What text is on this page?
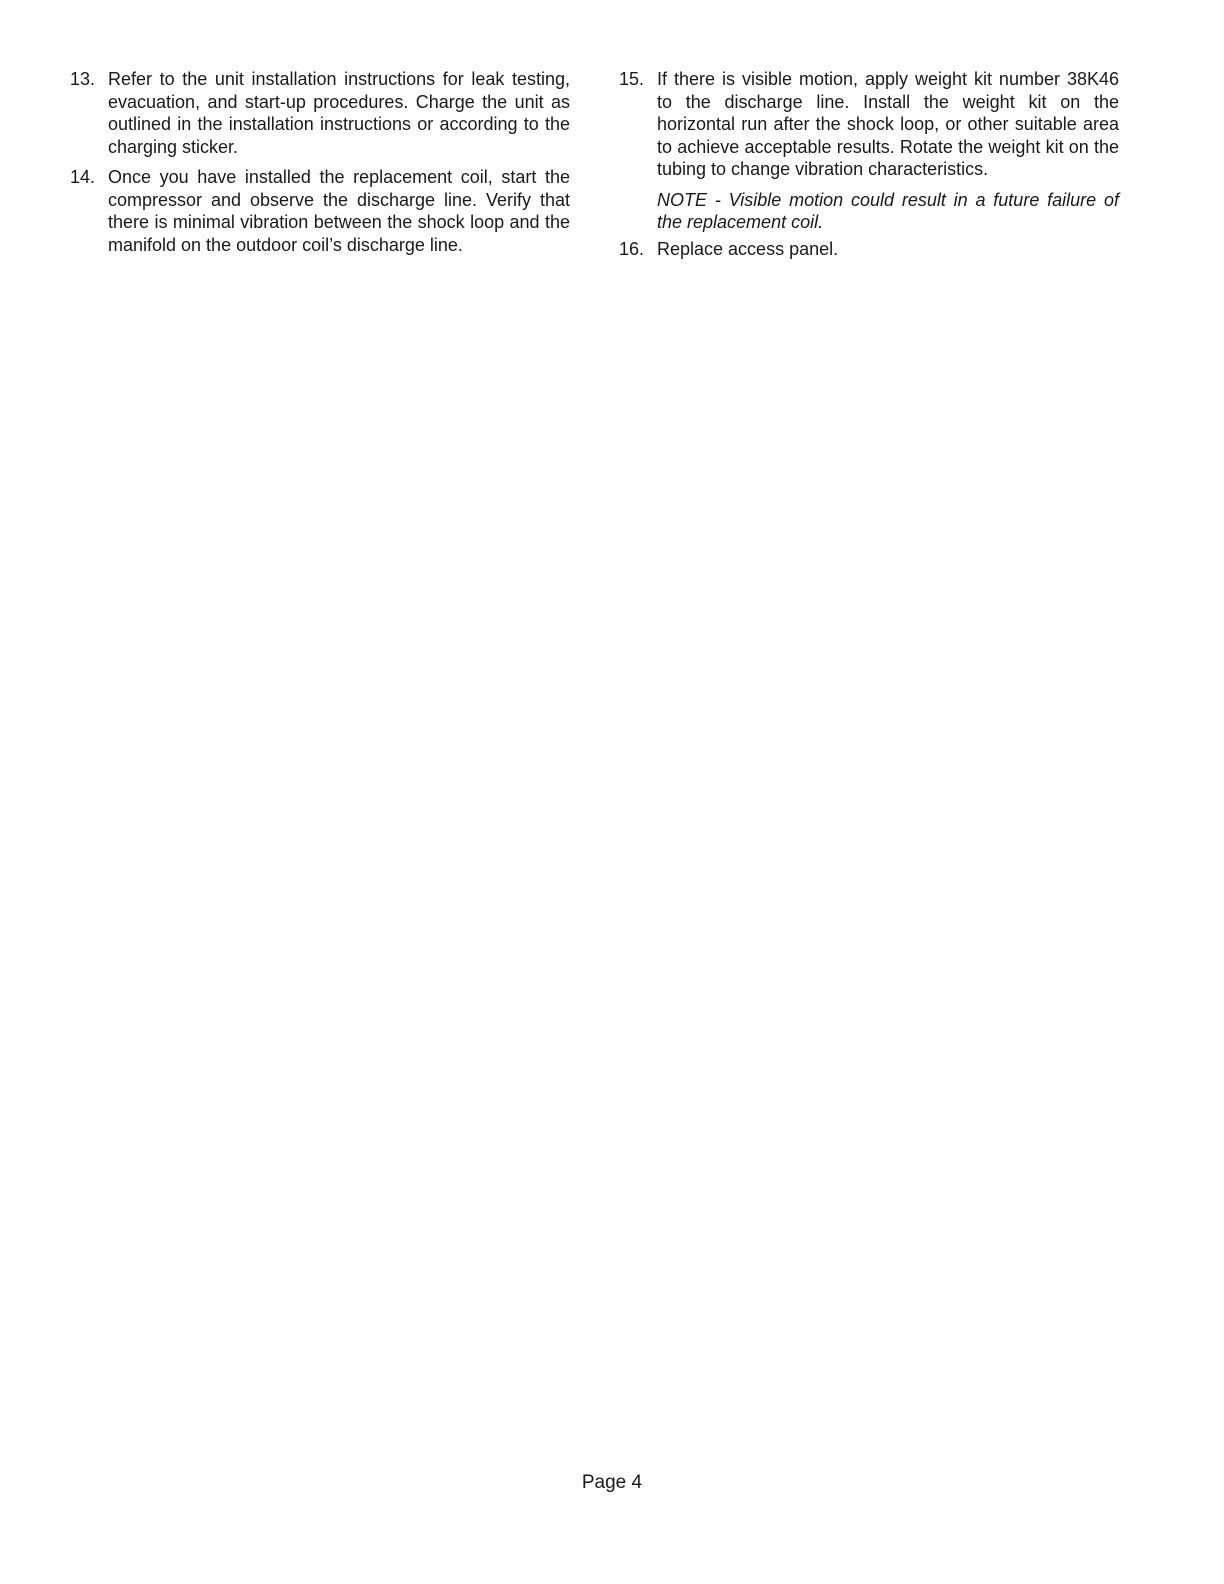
13. Refer to the unit installation instructions for leak testing, evacuation, and start-up procedures. Charge the unit as outlined in the installation instructions or according to the charging sticker.
14. Once you have installed the replacement coil, start the compressor and observe the discharge line. Verify that there is minimal vibration between the shock loop and the manifold on the outdoor coil’s discharge line.
15. If there is visible motion, apply weight kit number 38K46 to the discharge line. Install the weight kit on the horizontal run after the shock loop, or other suitable area to achieve acceptable results. Rotate the weight kit on the tubing to change vibration characteristics.
NOTE - Visible motion could result in a future failure of the replacement coil.
16. Replace access panel.
Page 4
